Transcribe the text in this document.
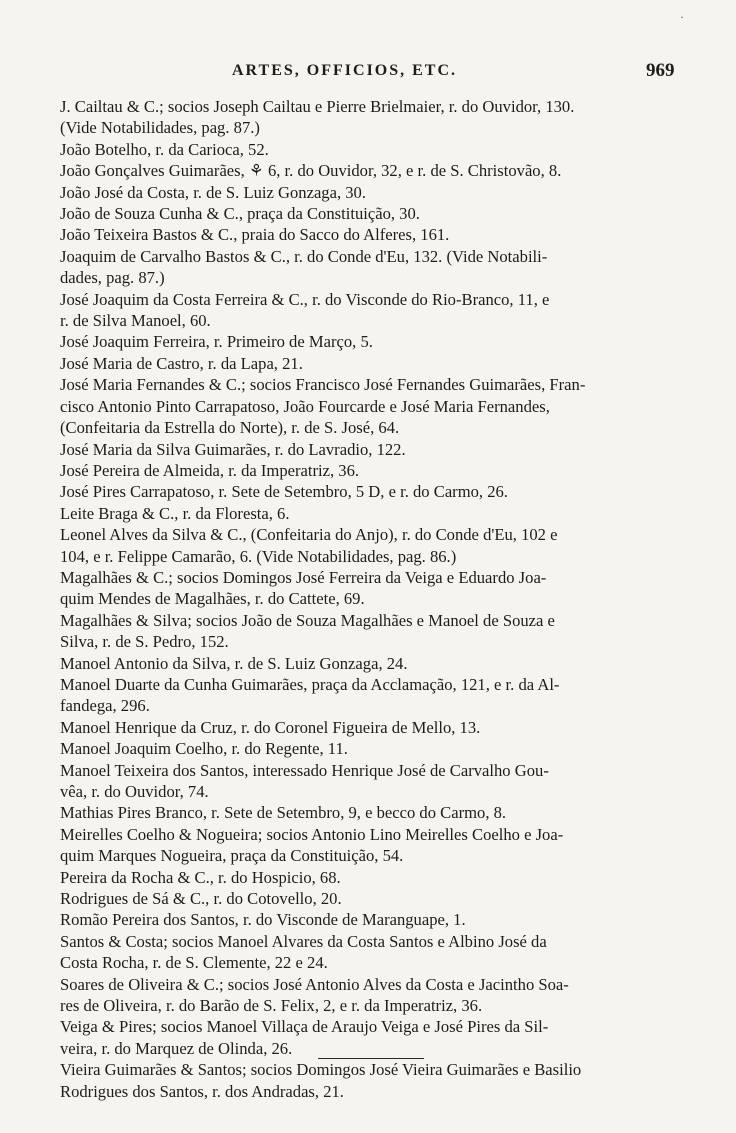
·
ARTES, OFFICIOS, ETC.	969

J. Cailtau & C.; socios Joseph Cailtau e Pierre Brielmaier, r. do Ouvidor, 130.
(Vide Notabilidades, pag. 87.)

João Botelho, r. da Carioca, 52.

João Gonçalves Guimarães, ⚘ 6, r. do Ouvidor, 32, e r. de S. Christovão, 8.

João José da Costa, r. de S. Luiz Gonzaga, 30.

João de Souza Cunha & C., praça da Constituição, 30.

João Teixeira Bastos & C., praia do Sacco do Alferes, 161.

Joaquim de Carvalho Bastos & C., r. do Conde d'Eu, 132. (Vide Notabili-
dades, pag. 87.)

José Joaquim da Costa Ferreira & C., r. do Visconde do Rio-Branco, 11, e
r. de Silva Manoel, 60.

José Joaquim Ferreira, r. Primeiro de Março, 5.

José Maria de Castro, r. da Lapa, 21.

José Maria Fernandes & C.; socios Francisco José Fernandes Guimarães, Fran-
cisco Antonio Pinto Carrapatoso, João Fourcarde e José Maria Fernandes,
(Confeitaria da Estrella do Norte), r. de S. José, 64.

José Maria da Silva Guimarães, r. do Lavradio, 122.

José Pereira de Almeida, r. da Imperatriz, 36.

José Pires Carrapatoso, r. Sete de Setembro, 5 D, e r. do Carmo, 26.

Leite Braga & C., r. da Floresta, 6.

Leonel Alves da Silva & C., (Confeitaria do Anjo), r. do Conde d'Eu, 102 e
104, e r. Felippe Camarão, 6. (Vide Notabilidades, pag. 86.)

Magalhães & C.; socios Domingos José Ferreira da Veiga e Eduardo Joa-
quim Mendes de Magalhães, r. do Cattete, 69.

Magalhães & Silva; socios João de Souza Magalhães e Manoel de Souza e
Silva, r. de S. Pedro, 152.

Manoel Antonio da Silva, r. de S. Luiz Gonzaga, 24.

Manoel Duarte da Cunha Guimarães, praça da Acclamação, 121, e r. da Al-
fandega, 296.

Manoel Henrique da Cruz, r. do Coronel Figueira de Mello, 13.

Manoel Joaquim Coelho, r. do Regente, 11.

Manoel Teixeira dos Santos, interessado Henrique José de Carvalho Gou-
vêa, r. do Ouvidor, 74.

Mathias Pires Branco, r. Sete de Setembro, 9, e becco do Carmo, 8.

Meirelles Coelho & Nogueira; socios Antonio Lino Meirelles Coelho e Joa-
quim Marques Nogueira, praça da Constituição, 54.

Pereira da Rocha & C., r. do Hospicio, 68.

Rodrigues de Sá & C., r. do Cotovello, 20.

Romão Pereira dos Santos, r. do Visconde de Maranguape, 1.

Santos & Costa; socios Manoel Alvares da Costa Santos e Albino José da
Costa Rocha, r. de S. Clemente, 22 e 24.

Soares de Oliveira & C.; socios José Antonio Alves da Costa e Jacintho Soa-
res de Oliveira, r. do Barão de S. Felix, 2, e r. da Imperatriz, 36.

Veiga & Pires; socios Manoel Villaça de Araujo Veiga e José Pires da Sil-
veira, r. do Marquez de Olinda, 26.

Vieira Guimarães & Santos; socios Domingos José Vieira Guimarães e Basilio
Rodrigues dos Santos, r. dos Andradas, 21.
